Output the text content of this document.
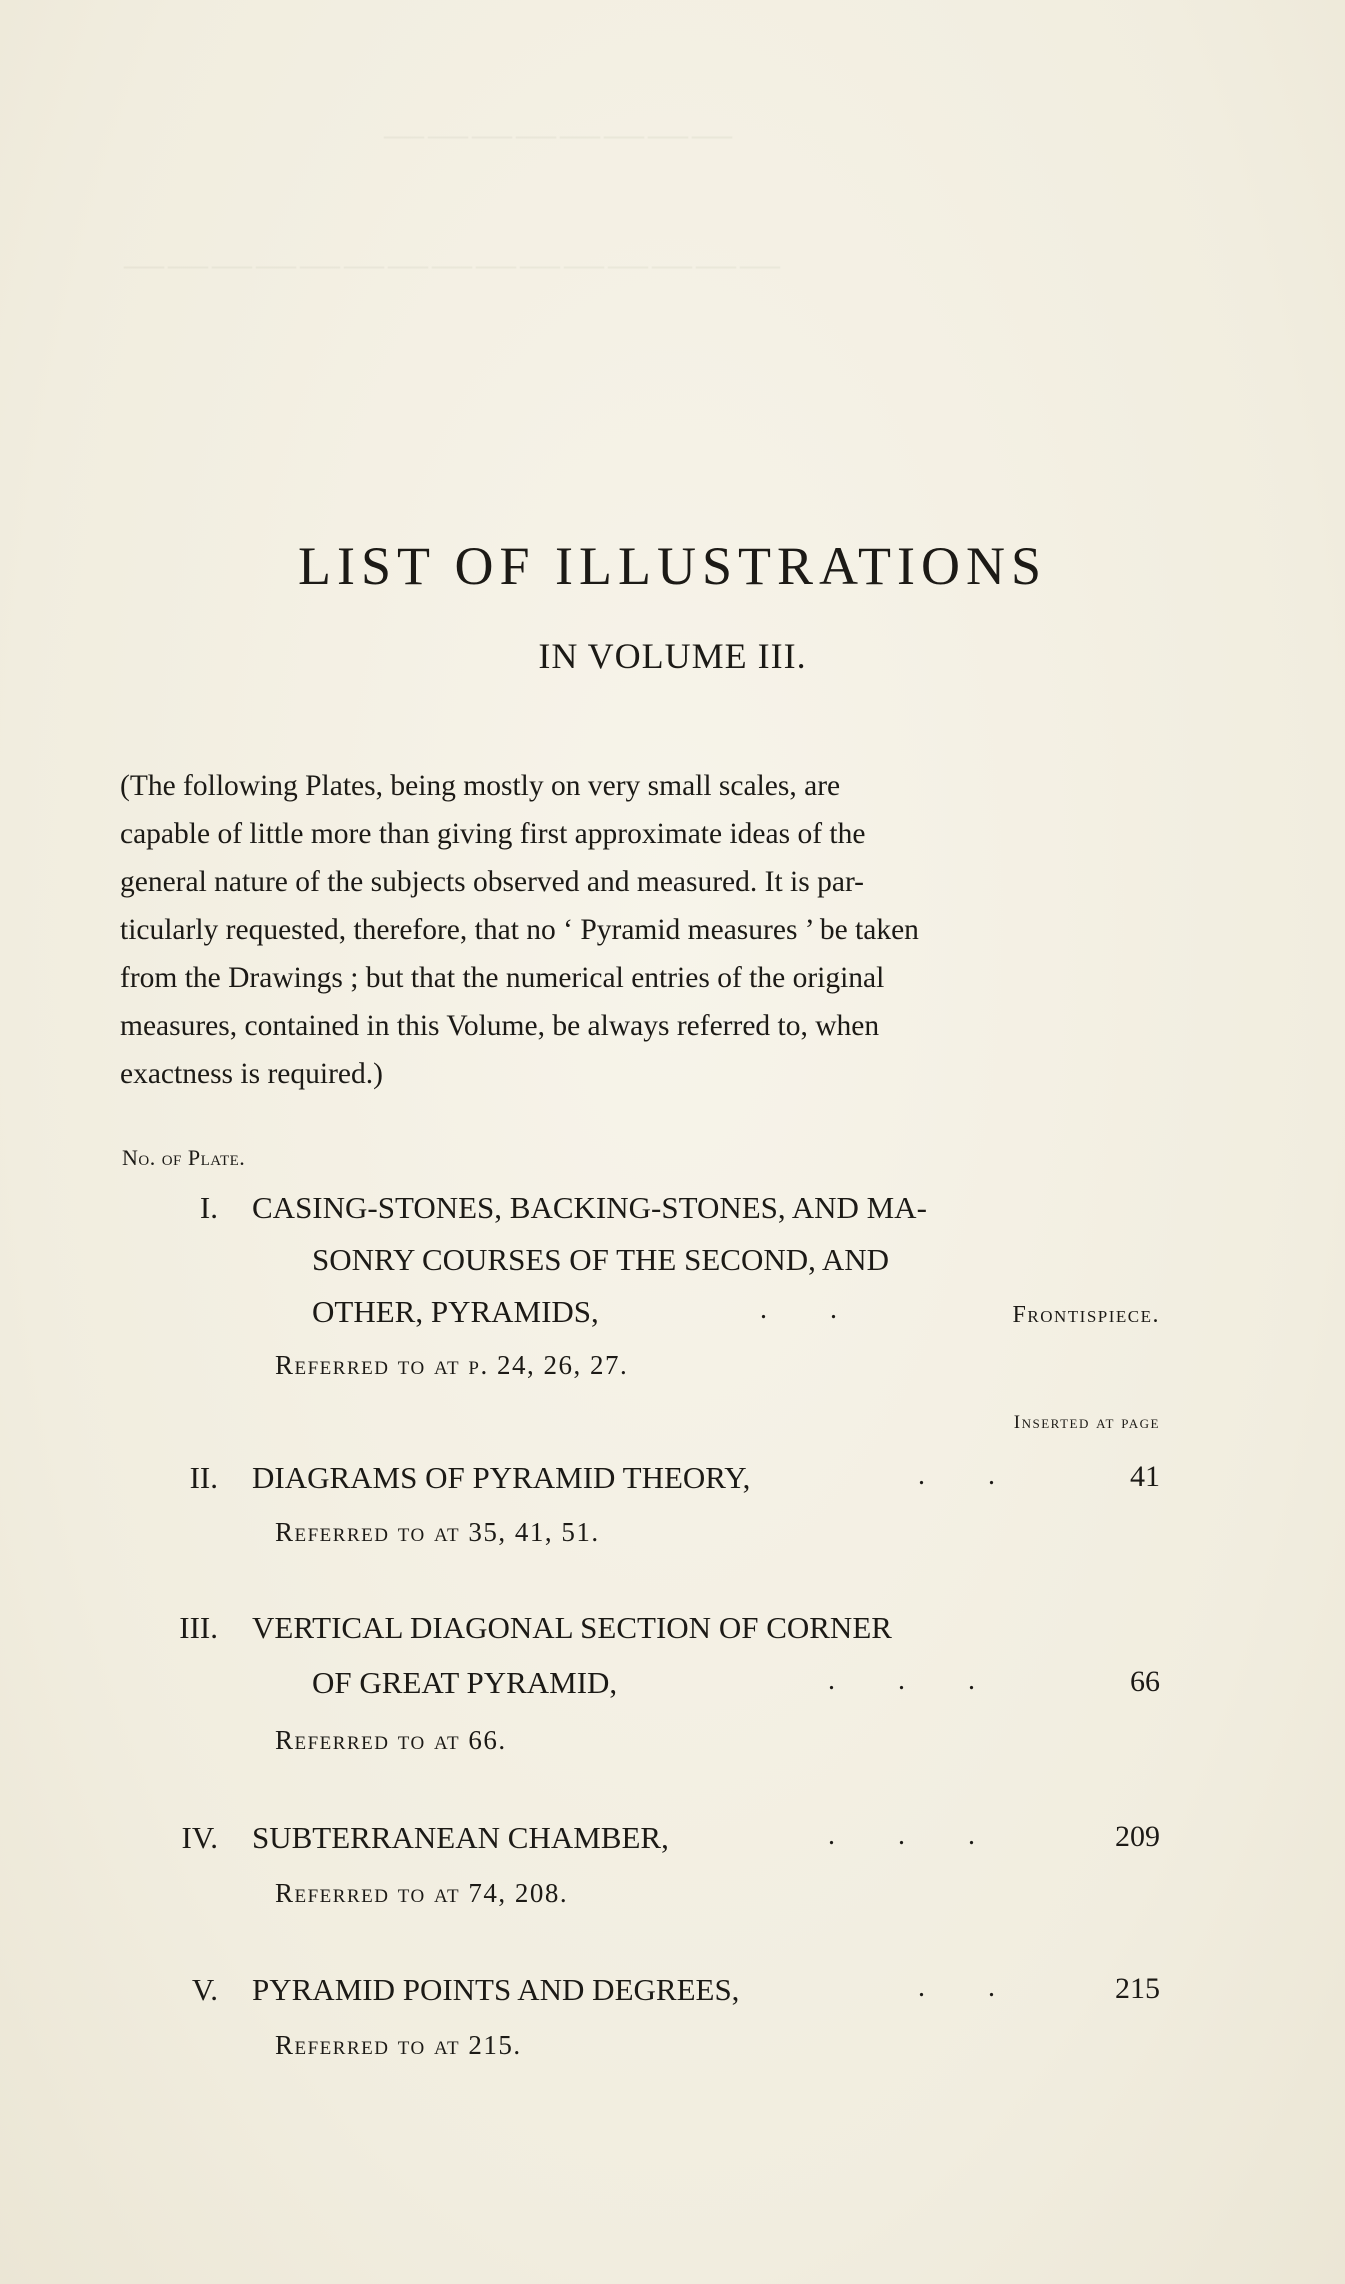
————————
———————————————
LIST OF ILLUSTRATIONS
IN VOLUME III.
(The following Plates, being mostly on very small scales, are
capable of little more than giving first approximate ideas of the
general nature of the subjects observed and measured. It is par-
ticularly requested, therefore, that no ‘ Pyramid measures ’ be taken
from the Drawings ; but that the numerical entries of the original
measures, contained in this Volume, be always referred to, when
exactness is required.)
No. of Plate.
I. CASING-STONES, BACKING-STONES, AND MA-
SONRY COURSES OF THE SECOND, AND
OTHER, PYRAMIDS,	. .	Frontispiece.
Referred to at p. 24, 26, 27.
Inserted at page
II. DIAGRAMS OF PYRAMID THEORY,	. .	41
Referred to at 35, 41, 51.
III. VERTICAL DIAGONAL SECTION OF CORNER
OF GREAT PYRAMID,	. . .	66
Referred to at 66.
IV. SUBTERRANEAN CHAMBER,	. . .	209
Referred to at 74, 208.
V. PYRAMID POINTS AND DEGREES,	. .	215
Referred to at 215.
